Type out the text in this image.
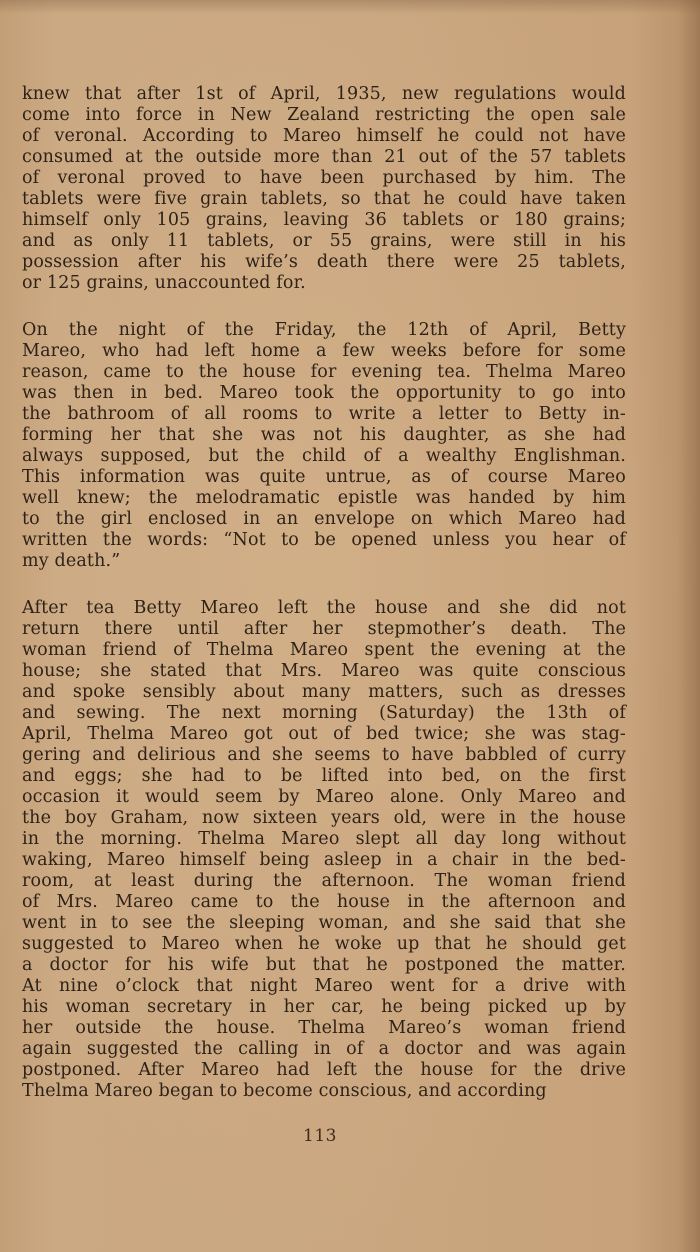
knew that after 1st of April, 1935, new regulations would
come into force in New Zealand restricting the open sale
of veronal. According to Mareo himself he could not have
consumed at the outside more than 21 out of the 57 tablets
of veronal proved to have been purchased by him. The
tablets were five grain tablets, so that he could have taken
himself only 105 grains, leaving 36 tablets or 180 grains;
and as only 11 tablets, or 55 grains, were still in his
possession after his wife’s death there were 25 tablets,
or 125 grains, unaccounted for.

On the night of the Friday, the 12th of April, Betty
Mareo, who had left home a few weeks before for some
reason, came to the house for evening tea. Thelma Mareo
was then in bed. Mareo took the opportunity to go into
the bathroom of all rooms to write a letter to Betty in-
forming her that she was not his daughter, as she had
always supposed, but the child of a wealthy Englishman.
This information was quite untrue, as of course Mareo
well knew; the melodramatic epistle was handed by him
to the girl enclosed in an envelope on which Mareo had
written the words: “Not to be opened unless you hear of
my death.”

After tea Betty Mareo left the house and she did not
return there until after her stepmother’s death. The
woman friend of Thelma Mareo spent the evening at the
house; she stated that Mrs. Mareo was quite conscious
and spoke sensibly about many matters, such as dresses
and sewing. The next morning (Saturday) the 13th of
April, Thelma Mareo got out of bed twice; she was stag-
gering and delirious and she seems to have babbled of curry
and eggs; she had to be lifted into bed, on the first
occasion it would seem by Mareo alone. Only Mareo and
the boy Graham, now sixteen years old, were in the house
in the morning. Thelma Mareo slept all day long without
waking, Mareo himself being asleep in a chair in the bed-
room, at least during the afternoon. The woman friend
of Mrs. Mareo came to the house in the afternoon and
went in to see the sleeping woman, and she said that she
suggested to Mareo when he woke up that he should get
a doctor for his wife but that he postponed the matter.
At nine o’clock that night Mareo went for a drive with
his woman secretary in her car, he being picked up by
her outside the house. Thelma Mareo’s woman friend
again suggested the calling in of a doctor and was again
postponed. After Mareo had left the house for the drive
Thelma Mareo began to become conscious, and according

113
